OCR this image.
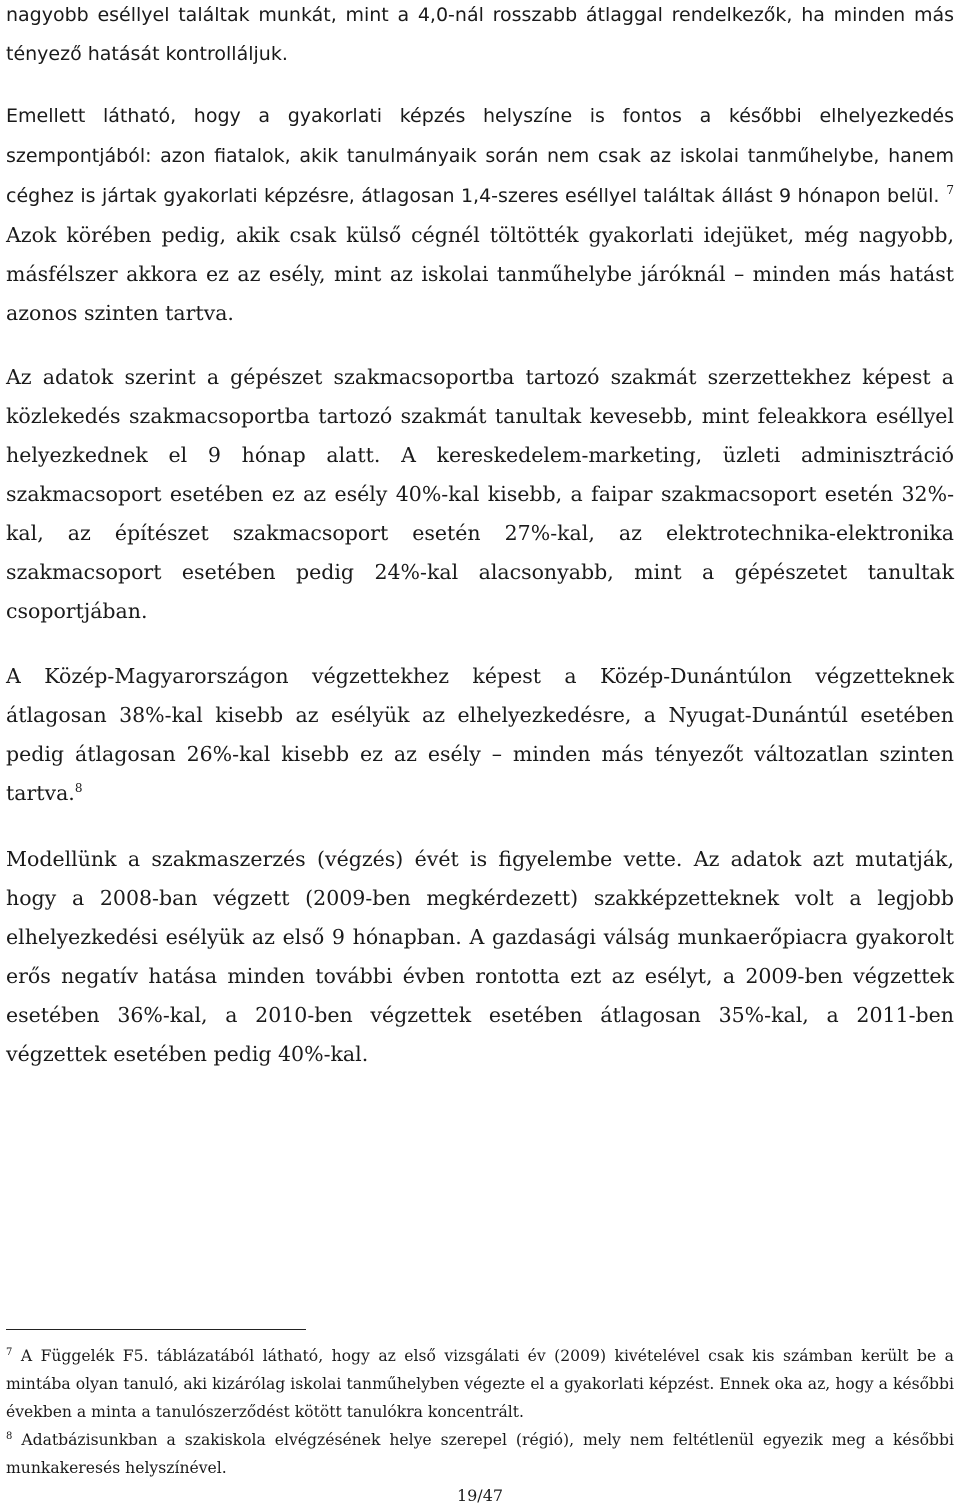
nagyobb eséllyel találtak munkát, mint a 4,0-nál rosszabb átlaggal rendelkezők, ha minden más tényező hatását kontrolláljuk.

Emellett látható, hogy a gyakorlati képzés helyszíne is fontos a későbbi elhelyezkedés szempontjából: azon fiatalok, akik tanulmányaik során nem csak az iskolai tanműhelybe, hanem céghez is jártak gyakorlati képzésre, átlagosan 1,4-szeres eséllyel találtak állást 9 hónapon belül. $^7$ Azok körében pedig, akik csak külső cégnél töltötték gyakorlati idejüket, még nagyobb, másfélszer akkora ez az esély, mint az iskolai tanműhelybe járóknál – minden más hatást azonos szinten tartva.

Az adatok szerint a gépészet szakmacsoportba tartozó szakmát szerzettekhez képest a közlekedés szakmacsoportba tartozó szakmát tanultak kevesebb, mint feleakkora eséllyel helyezkednek el 9 hónap alatt. A kereskedelem-marketing, üzleti adminisztráció szakmacsoport esetében ez az esély 40%-kal kisebb, a faipar szakmacsoport esetén 32%-kal, az építészet szakmacsoport esetén 27%-kal, az elektrotechnika-elektronika szakmacsoport esetében pedig 24%-kal alacsonyabb, mint a gépészetet tanultak csoportjában.

A Közép-Magyarországon végzettekhez képest a Közép-Dunántúlon végzetteknek átlagosan 38%-kal kisebb az esélyük az elhelyezkedésre, a Nyugat-Dunántúl esetében pedig átlagosan 26%-kal kisebb ez az esély – minden más tényezőt változatlan szinten tartva.$^8$

Modellünk a szakmaszerzés (végzés) évét is figyelembe vette. Az adatok azt mutatják, hogy a 2008-ban végzett (2009-ben megkérdezett) szakképzetteknek volt a legjobb elhelyezkedési esélyük az első 9 hónapban. A gazdasági válság munkaerőpiacra gyakorolt erős negatív hatása minden további évben rontotta ezt az esélyt, a 2009-ben végzettek esetében 36%-kal, a 2010-ben végzettek esetében átlagosan 35%-kal, a 2011-ben végzettek esetében pedig 40%-kal.

$^7$ A Függelék F5. táblázatából látható, hogy az első vizsgálati év (2009) kivételével csak kis számban került be a mintába olyan tanuló, aki kizárólag iskolai tanműhelyben végezte el a gyakorlati képzést. Ennek oka az, hogy a későbbi években a minta a tanulószerződést kötött tanulókra koncentrált.

$^8$ Adatbázisunkban a szakiskola elvégzésének helye szerepel (régió), mely nem feltétlenül egyezik meg a későbbi munkakeresés helyszínével.

19/47
